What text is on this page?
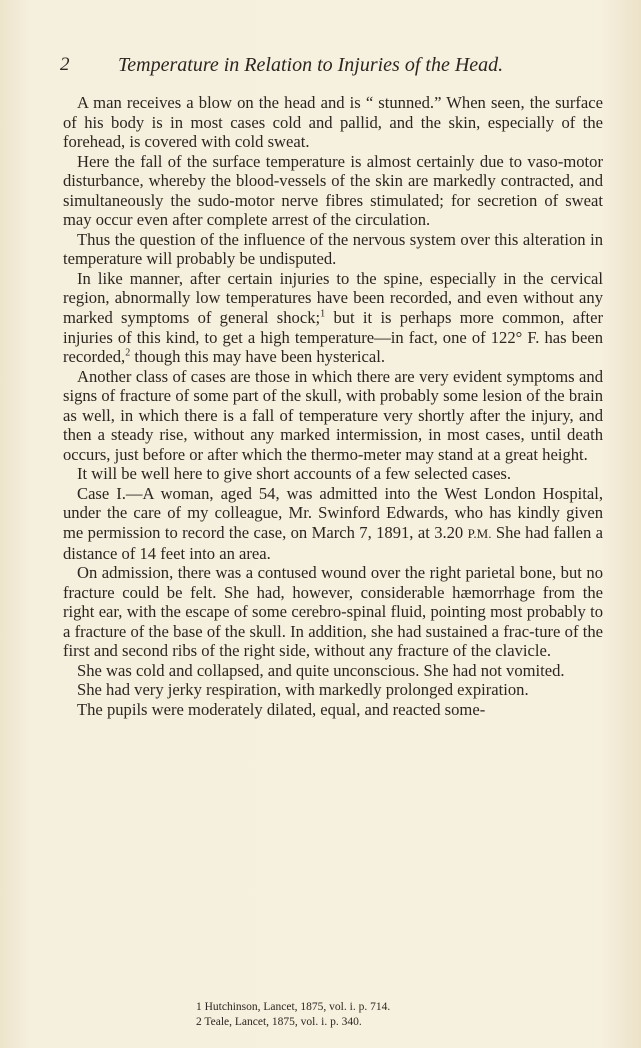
2 Temperature in Relation to Injuries of the Head.

A man receives a blow on the head and is “ stunned.” When seen, the surface of his body is in most cases cold and pallid, and the skin, especially of the forehead, is covered with cold sweat.

Here the fall of the surface temperature is almost certainly due to vaso-motor disturbance, whereby the blood-vessels of the skin are markedly contracted, and simultaneously the sudo-motor nerve fibres stimulated; for secretion of sweat may occur even after complete arrest of the circulation.

Thus the question of the influence of the nervous system over this alteration in temperature will probably be undisputed.

In like manner, after certain injuries to the spine, especially in the cervical region, abnormally low temperatures have been recorded, and even without any marked symptoms of general shock;$^1$ but it is perhaps more common, after injuries of this kind, to get a high temperature—in fact, one of 122° F. has been recorded,$^2$ though this may have been hysterical.

Another class of cases are those in which there are very evident symptoms and signs of fracture of some part of the skull, with probably some lesion of the brain as well, in which there is a fall of temperature very shortly after the injury, and then a steady rise, without any marked intermission, in most cases, until death occurs, just before or after which the thermo-meter may stand at a great height.

It will be well here to give short accounts of a few selected cases.

Case I.—A woman, aged 54, was admitted into the West London Hospital, under the care of my colleague, Mr. Swinford Edwards, who has kindly given me permission to record the case, on March 7, 1891, at 3.20 P.M. She had fallen a distance of 14 feet into an area.

On admission, there was a contused wound over the right parietal bone, but no fracture could be felt. She had, however, considerable hæmorrhage from the right ear, with the escape of some cerebro-spinal fluid, pointing most probably to a fracture of the base of the skull. In addition, she had sustained a frac-ture of the first and second ribs of the right side, without any fracture of the clavicle.

She was cold and collapsed, and quite unconscious. She had not vomited.

She had very jerky respiration, with markedly prolonged expiration.

The pupils were moderately dilated, equal, and reacted some-

1 Hutchinson, Lancet, 1875, vol. i. p. 714.

2 Teale, Lancet, 1875, vol. i. p. 340.
